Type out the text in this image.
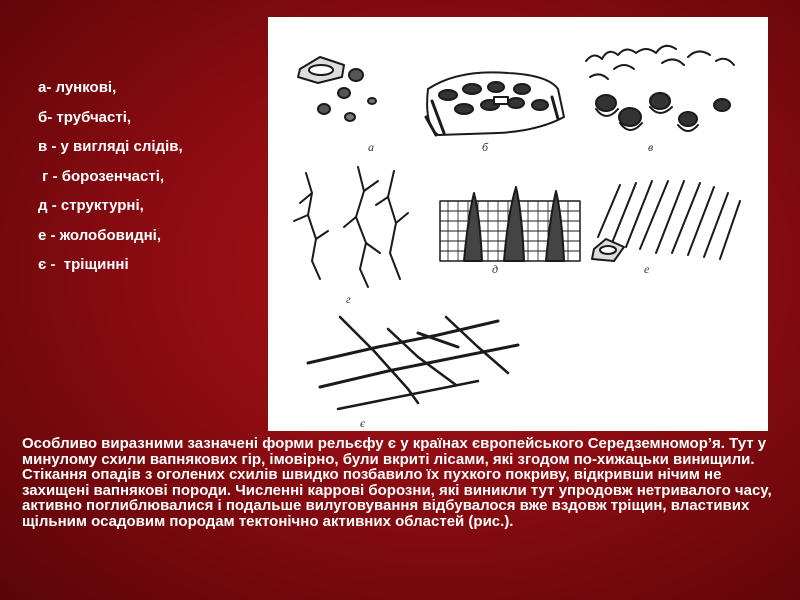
а- лункові,
б- трубчасті,
в - у вигляді слідів,
г - борозенчасті,
д - структурні,
е - жолобовидні,
є -  тріщинні
а	б	в
г
д	е
є

Особливо виразними зазначені форми рельєфу є у країнах європейського Середземномор’я. Тут у минулому схили вапнякових гір, імовірно, були вкриті лісами, які згодом по-хижацьки винищили. Стікання опадів з оголених схилів швидко позбавило їх пухкого покриву, відкривши нічим не захищені вапнякові породи. Численні каррові борозни, які виникли тут упродовж нетривалого часу, активно поглиблювалися і подальше вилуговування відбувалося вже вздовж тріщин, властивих щільним осадовим породам тектонічно активних областей (рис.).
